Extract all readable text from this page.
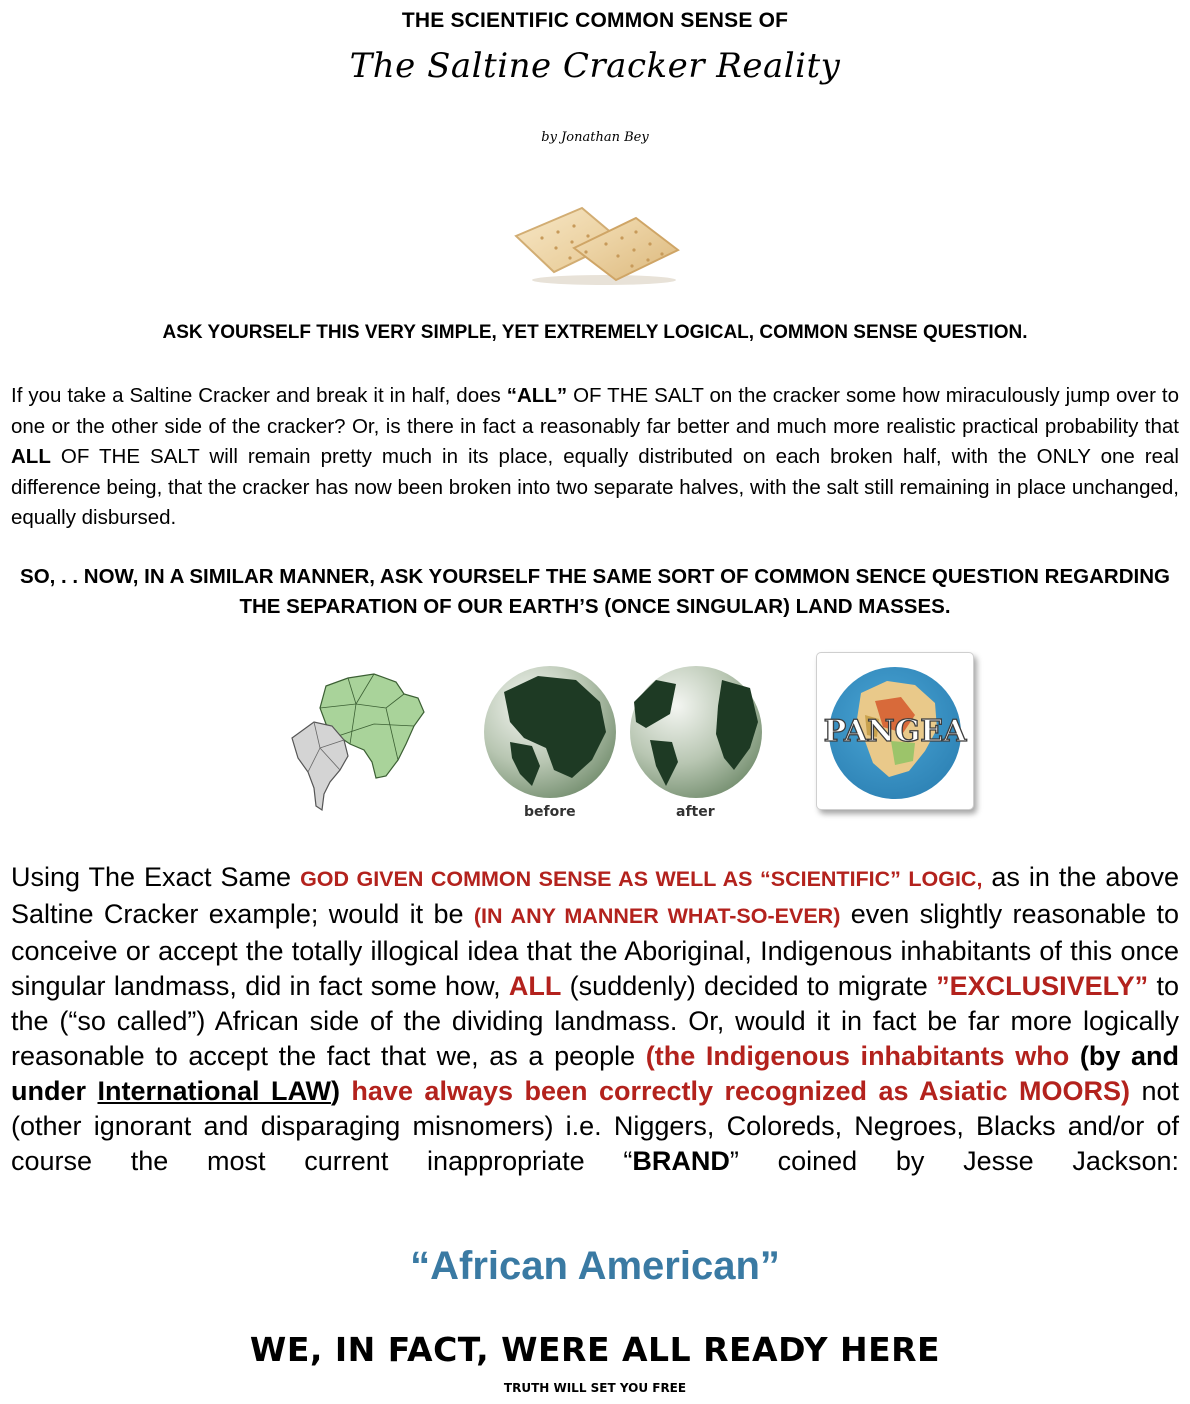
THE SCIENTIFIC COMMON SENSE OF
The Saltine Cracker Reality
by Jonathan Bey
ASK YOURSELF THIS VERY SIMPLE, YET EXTREMELY LOGICAL, COMMON SENSE QUESTION.
If you take a Saltine Cracker and break it in half, does “ALL” OF THE SALT on the cracker some how miraculously jump over to one or the other side of the cracker? Or, is there in fact a reasonably far better and much more realistic practical probability that ALL OF THE SALT will remain pretty much in its place, equally distributed on each broken half, with the ONLY one real difference being, that the cracker has now been broken into two separate halves, with the salt still remaining in place unchanged, equally disbursed.
SO, . . NOW, IN A SIMILAR MANNER, ASK YOURSELF THE SAME SORT OF COMMON SENCE QUESTION REGARDING THE SEPARATION OF OUR EARTH’S (ONCE SINGULAR) LAND MASSES.
before	after
PANGEA
Using The Exact Same GOD GIVEN COMMON SENSE AS WELL AS “SCIENTIFIC” LOGIC, as in the above Saltine Cracker example; would it be (IN ANY MANNER WHAT-SO-EVER) even slightly reasonable to conceive or accept the totally illogical idea that the Aboriginal, Indigenous inhabitants of this once singular landmass, did in fact some how, ALL (suddenly) decided to migrate ”EXCLUSIVELY” to the (“so called”) African side of the dividing landmass. Or, would it in fact be far more logically reasonable to accept the fact that we, as a people (the Indigenous inhabitants who (by and under International LAW) have always been correctly recognized as Asiatic MOORS) not (other ignorant and disparaging misnomers) i.e. Niggers, Coloreds, Negroes, Blacks and/or of course the most current inappropriate “BRAND” coined by Jesse Jackson:
“African American”
WE, IN FACT, WERE ALL READY HERE
TRUTH WILL SET YOU FREE
